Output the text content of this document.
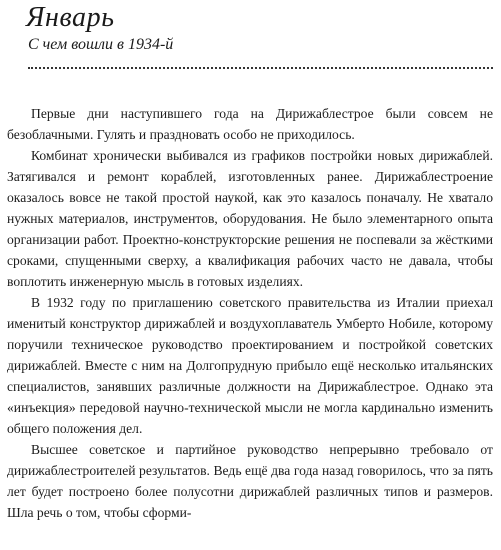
Январь
С чем вошли в 1934-й

Первые дни наступившего года на Дирижаблестрое были совсем не безоблачными. Гулять и праздновать особо не приходилось.

Комбинат хронически выбивался из графиков постройки новых дирижаблей. Затягивался и ремонт кораблей, изготовленных ранее. Дирижаблестроение оказалось вовсе не такой простой наукой, как это казалось поначалу. Не хватало нужных материалов, инструментов, оборудования. Не было элементарного опыта организации работ. Проектно-конструкторские решения не поспевали за жёсткими сроками, спущенными сверху, а квалификация рабочих часто не давала, чтобы воплотить инженерную мысль в готовых изделиях.

В 1932 году по приглашению советского правительства из Италии приехал именитый конструктор дирижаблей и воздухоплаватель Умберто Нобиле, которому поручили техническое руководство проектированием и постройкой советских дирижаблей. Вместе с ним на Долгопрудную прибыло ещё несколько итальянских специалистов, занявших различные должности на Дирижаблестрое. Однако эта «инъекция» передовой научно-технической мысли не могла кардинально изменить общего положения дел.

Высшее советское и партийное руководство непрерывно требовало от дирижаблестроителей результатов. Ведь ещё два года назад говорилось, что за пять лет будет построено более полусотни дирижаблей различных типов и размеров. Шла речь о том, чтобы сформи-
